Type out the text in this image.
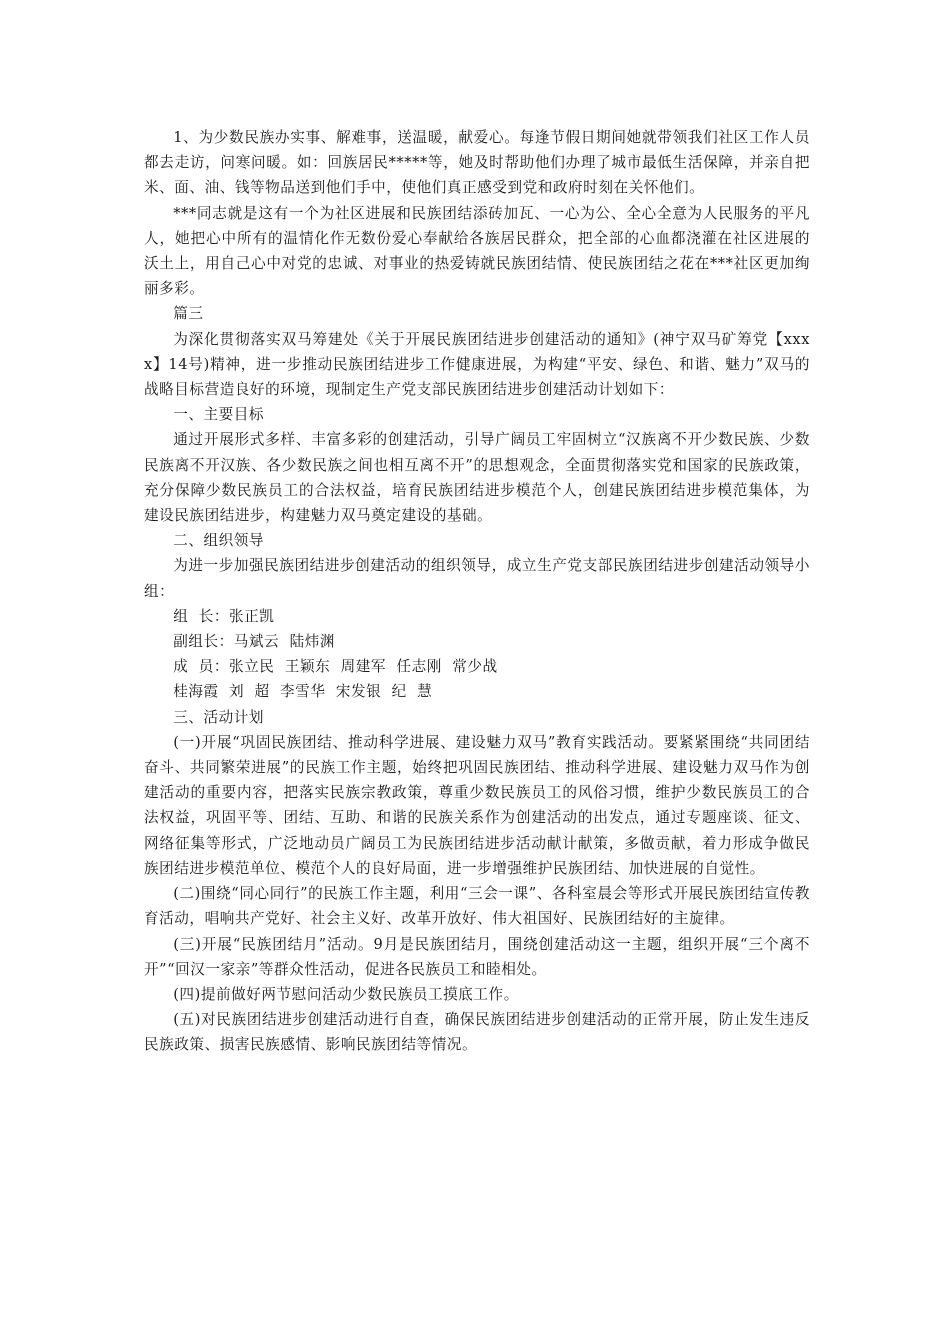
1、为少数民族办实事、解难事，送温暖，献爱心。每逢节假日期间她就带领我们社区工作人员都去走访，问寒问暖。如：回族居民*****等，她及时帮助他们办理了城市最低生活保障，并亲自把米、面、油、钱等物品送到他们手中，使他们真正感受到党和政府时刻在关怀他们。

***同志就是这有一个为社区进展和民族团结添砖加瓦、一心为公、全心全意为人民服务的平凡人，她把心中所有的温情化作无数份爱心奉献给各族居民群众，把全部的心血都浇灌在社区进展的沃土上，用自己心中对党的忠诚、对事业的热爱铸就民族团结情、使民族团结之花在***社区更加绚丽多彩。

篇三

为深化贯彻落实双马筹建处《关于开展民族团结进步创建活动的通知》(神宁双马矿筹党【xxxx】14号)精神，进一步推动民族团结进步工作健康进展，为构建“平安、绿色、和谐、魅力”双马的战略目标营造良好的环境，现制定生产党支部民族团结进步创建活动计划如下：

一、主要目标

通过开展形式多样、丰富多彩的创建活动，引导广阔员工牢固树立“汉族离不开少数民族、少数民族离不开汉族、各少数民族之间也相互离不开”的思想观念，全面贯彻落实党和国家的民族政策，充分保障少数民族员工的合法权益，培育民族团结进步模范个人，创建民族团结进步模范集体，为建设民族团结进步，构建魅力双马奠定建设的基础。

二、组织领导

为进一步加强民族团结进步创建活动的组织领导，成立生产党支部民族团结进步创建活动领导小组：

组  长：张正凯

副组长：马斌云  陆炜渊

成  员：张立民  王颖东  周建军  任志刚  常少战

桂海霞  刘  超  李雪华  宋发银  纪  慧

三、活动计划

(一)开展“巩固民族团结、推动科学进展、建设魅力双马”教育实践活动。要紧紧围绕“共同团结奋斗、共同繁荣进展”的民族工作主题，始终把巩固民族团结、推动科学进展、建设魅力双马作为创建活动的重要内容，把落实民族宗教政策，尊重少数民族员工的风俗习惯，维护少数民族员工的合法权益，巩固平等、团结、互助、和谐的民族关系作为创建活动的出发点，通过专题座谈、征文、网络征集等形式，广泛地动员广阔员工为民族团结进步活动献计献策，多做贡献，着力形成争做民族团结进步模范单位、模范个人的良好局面，进一步增强维护民族团结、加快进展的自觉性。

(二)围绕“同心同行”的民族工作主题，利用“三会一课”、各科室晨会等形式开展民族团结宣传教育活动，唱响共产党好、社会主义好、改革开放好、伟大祖国好、民族团结好的主旋律。

(三)开展“民族团结月”活动。9月是民族团结月，围绕创建活动这一主题，组织开展“三个离不开”“回汉一家亲”等群众性活动，促进各民族员工和睦相处。

(四)提前做好两节慰问活动少数民族员工摸底工作。

(五)对民族团结进步创建活动进行自查，确保民族团结进步创建活动的正常开展，防止发生违反民族政策、损害民族感情、影响民族团结等情况。
